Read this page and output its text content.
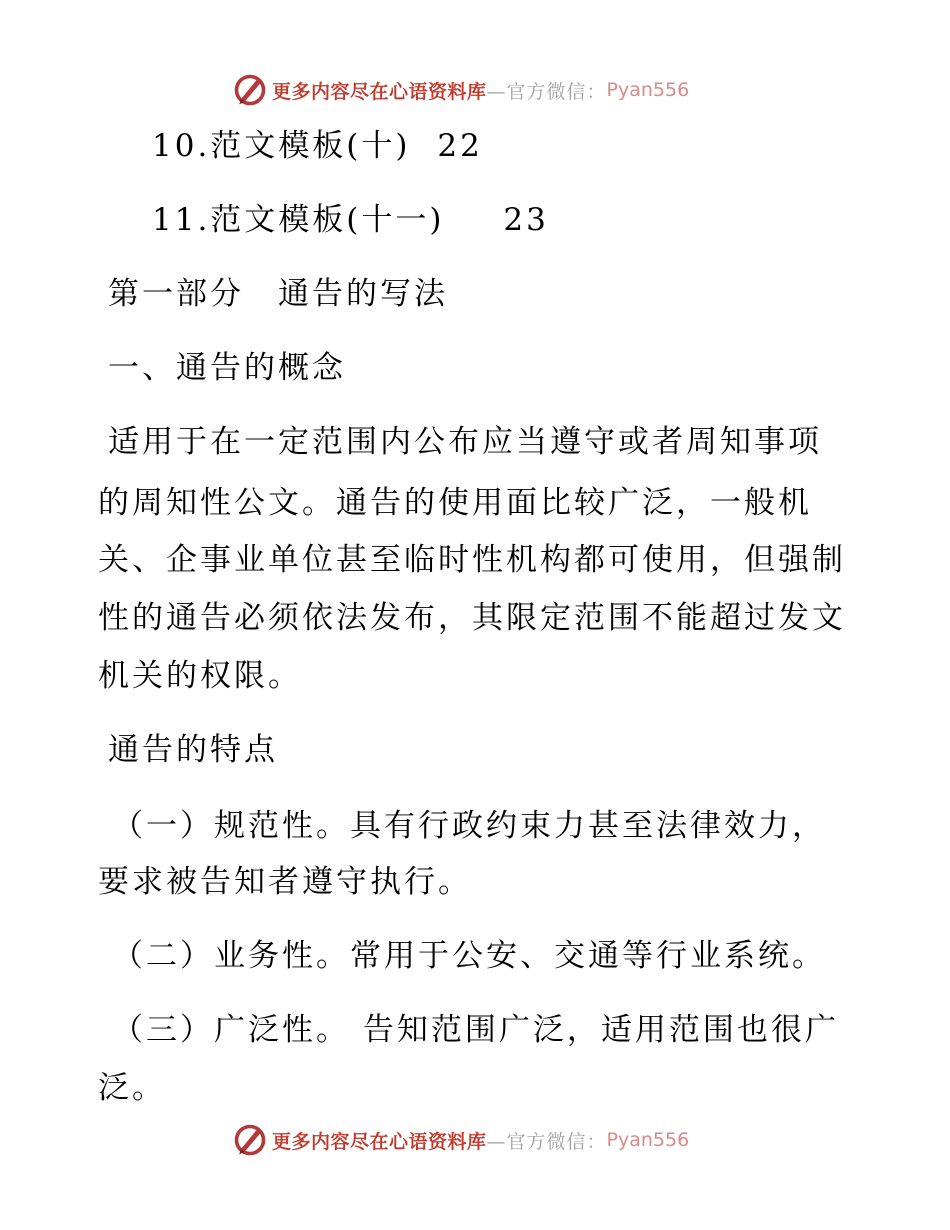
更多内容尽在心语资料库 —官方微信： Pyan556
10.范文模板(十) 22
11.范文模板(十一) 23
第一部分　通告的写法
一、通告的概念
适用于在一定范围内公布应当遵守或者周知事项
的周知性公文。通告的使用面比较广泛，一般机
关、企事业单位甚至临时性机构都可使用，但强制
性的通告必须依法发布，其限定范围不能超过发文
机关的权限。
通告的特点
（一）规范性。具有行政约束力甚至法律效力，
要求被告知者遵守执行。
（二）业务性。常用于公安、交通等行业系统。
（三）广泛性。 告知范围广泛，适用范围也很广
泛。
更多内容尽在心语资料库 —官方微信： Pyan556
